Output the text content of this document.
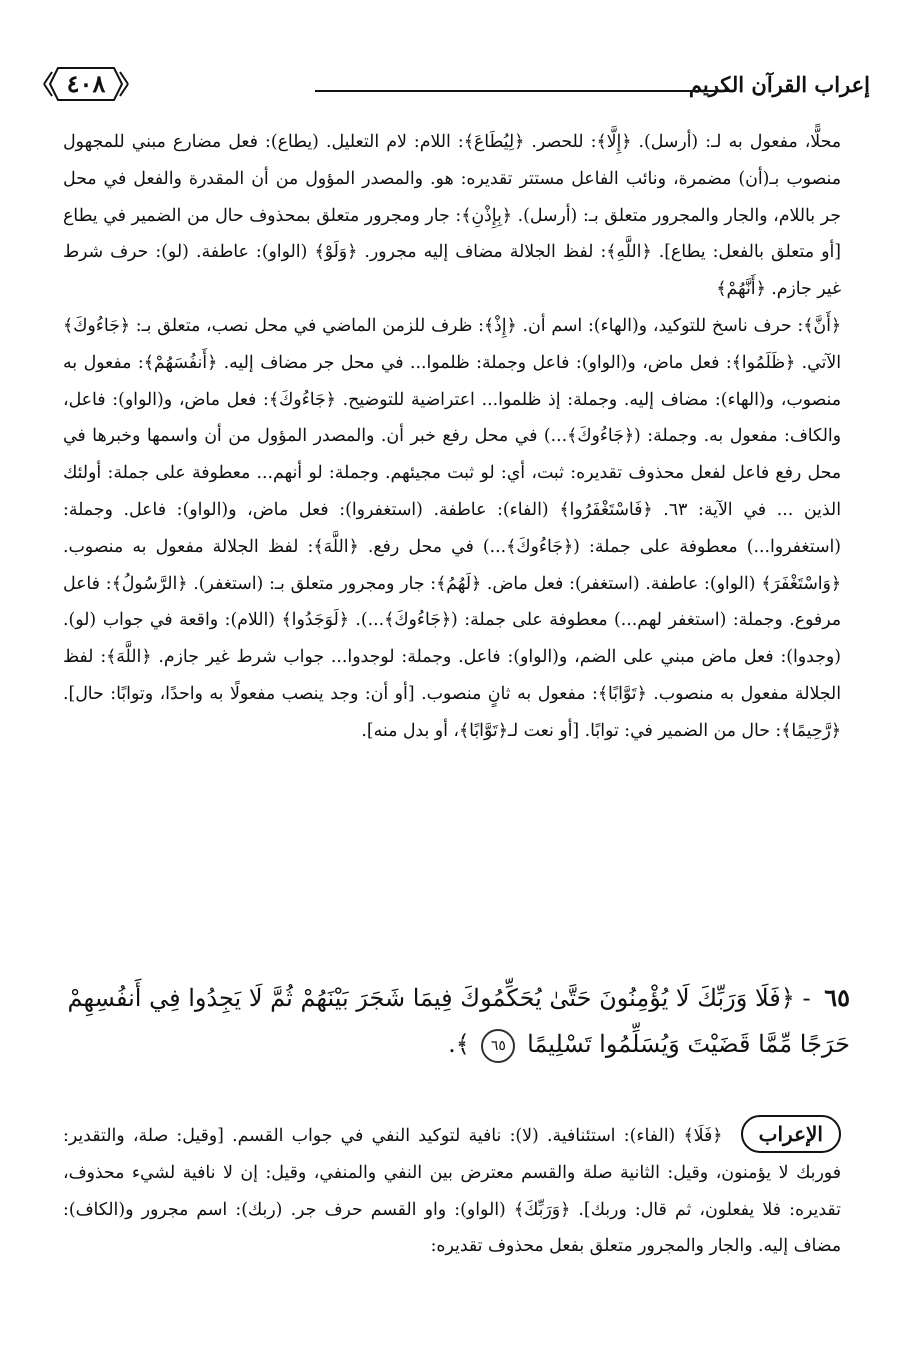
٤٠٨	إعراب القرآن الكريم

محلًّا، مفعول به لـ: (أرسل). ﴿إِلَّا﴾: للحصر. ﴿لِيُطَاعَ﴾: اللام: لام التعليل. (يطاع): فعل مضارع مبني للمجهول منصوب بـ(أن) مضمرة، ونائب الفاعل مستتر تقديره: هو. والمصدر المؤول من أن المقدرة والفعل في محل جر باللام، والجار والمجرور متعلق بـ: (أرسل). ﴿بِإِذْنِ﴾: جار ومجرور متعلق بمحذوف حال من الضمير في يطاع [أو متعلق بالفعل: يطاع]. ﴿اللَّهِ﴾: لفظ الجلالة مضاف إليه مجرور. ﴿وَلَوْ﴾ (الواو): عاطفة. (لو): حرف شرط غير جازم. ﴿أَنَّهُمْ﴾

﴿أَنَّ﴾: حرف ناسخ للتوكيد، و(الهاء): اسم أن. ﴿إِذْ﴾: ظرف للزمن الماضي في محل نصب، متعلق بـ: ﴿جَاءُوكَ﴾ الآتي. ﴿ظَلَمُوا﴾: فعل ماض، و(الواو): فاعل وجملة: ظلموا... في محل جر مضاف إليه. ﴿أَنفُسَهُمْ﴾: مفعول به منصوب، و(الهاء): مضاف إليه. وجملة: إذ ظلموا... اعتراضية للتوضيح. ﴿جَاءُوكَ﴾: فعل ماض، و(الواو): فاعل، والكاف: مفعول به. وجملة: (﴿جَاءُوكَ﴾...) في محل رفع خبر أن. والمصدر المؤول من أن واسمها وخبرها في محل رفع فاعل لفعل محذوف تقديره: ثبت، أي: لو ثبت مجيئهم. وجملة: لو أنهم... معطوفة على جملة: أولئك الذين ... في الآية: ٦٣. ﴿فَاسْتَغْفَرُوا﴾ (الفاء): عاطفة. (استغفروا): فعل ماض، و(الواو): فاعل. وجملة: (استغفروا...) معطوفة على جملة: (﴿جَاءُوكَ﴾...) في محل رفع. ﴿اللَّهَ﴾: لفظ الجلالة مفعول به منصوب. ﴿وَاسْتَغْفَرَ﴾ (الواو): عاطفة. (استغفر): فعل ماض. ﴿لَهُمُ﴾: جار ومجرور متعلق بـ: (استغفر). ﴿الرَّسُولُ﴾: فاعل مرفوع. وجملة: (استغفر لهم...) معطوفة على جملة: (﴿جَاءُوكَ﴾...). ﴿لَوَجَدُوا﴾ (اللام): واقعة في جواب (لو). (وجدوا): فعل ماض مبني على الضم، و(الواو): فاعل. وجملة: لوجدوا... جواب شرط غير جازم. ﴿اللَّهَ﴾: لفظ الجلالة مفعول به منصوب. ﴿تَوَّابًا﴾: مفعول به ثانٍ منصوب. [أو أن: وجد ينصب مفعولًا به واحدًا، وتوابًا: حال]. ﴿رَّحِيمًا﴾: حال من الضمير في: توابًا. [أو نعت لـ﴿تَوَّابًا﴾، أو بدل منه].

٦٥ - ﴿فَلَا وَرَبِّكَ لَا يُؤْمِنُونَ حَتَّىٰ يُحَكِّمُوكَ فِيمَا شَجَرَ بَيْنَهُمْ ثُمَّ لَا يَجِدُوا فِي أَنفُسِهِمْ حَرَجًا مِّمَّا قَضَيْتَ وَيُسَلِّمُوا تَسْلِيمًا ٦٥ ﴾.
الإعراب ﴿فَلَا﴾ (الفاء): استئنافية. (لا): نافية لتوكيد النفي في جواب القسم. [وقيل: صلة، والتقدير: فوربك لا يؤمنون، وقيل: الثانية صلة والقسم معترض بين النفي والمنفي، وقيل: إن لا نافية لشيء محذوف، تقديره: فلا يفعلون، ثم قال: وربك]. ﴿وَرَبِّكَ﴾ (الواو): واو القسم حرف جر. (ربك): اسم مجرور و(الكاف): مضاف إليه. والجار والمجرور متعلق بفعل محذوف تقديره:
